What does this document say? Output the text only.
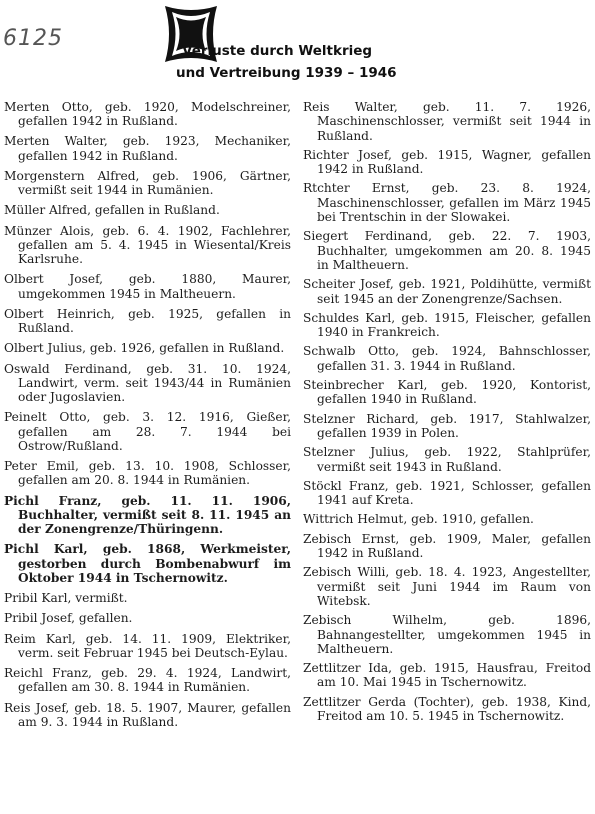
6125	Verluste durch Weltkrieg
und Vertreibung 1939 – 1946
Merten Otto, geb. 1920, Modelschreiner, gefallen 1942 in Rußland.
Merten Walter, geb. 1923, Mechaniker, gefallen 1942 in Rußland.
Morgenstern Alfred, geb. 1906, Gärtner, vermißt seit 1944 in Rumänien.
Müller Alfred, gefallen in Rußland.
Münzer Alois, geb. 6. 4. 1902, Fachlehrer, gefallen am 5. 4. 1945 in Wiesental/Kreis Karlsruhe.
Olbert Josef, geb. 1880, Maurer, umgekommen 1945 in Maltheuern.
Olbert Heinrich, geb. 1925, gefallen in Rußland.
Olbert Julius, geb. 1926, gefallen in Rußland.
Oswald Ferdinand, geb. 31. 10. 1924, Landwirt, verm. seit 1943/44 in Rumänien oder Jugoslavien.
Peinelt Otto, geb. 3. 12. 1916, Gießer, gefallen am 28. 7. 1944 bei Ostrow/Rußland.
Peter Emil, geb. 13. 10. 1908, Schlosser, gefallen am 20. 8. 1944 in Rumänien.
Pichl Franz, geb. 11. 11. 1906, Buchhalter, vermißt seit 8. 11. 1945 an der Zonengrenze/Thüringenn.
Pichl Karl, geb. 1868, Werkmeister, gestorben durch Bombenabwurf im Oktober 1944 in Tschernowitz.
Pribil Karl, vermißt.
Pribil Josef, gefallen.
Reim Karl, geb. 14. 11. 1909, Elektriker, verm. seit Februar 1945 bei Deutsch-Eylau.
Reichl Franz, geb. 29. 4. 1924, Landwirt, gefallen am 30. 8. 1944 in Rumänien.
Reis Josef, geb. 18. 5. 1907, Maurer, gefallen am 9. 3. 1944 in Rußland.
Reis Walter, geb. 11. 7. 1926, Maschinenschlosser, vermißt seit 1944 in Rußland.
Richter Josef, geb. 1915, Wagner, gefallen 1942 in Rußland.
Rtchter Ernst, geb. 23. 8. 1924, Maschinenschlosser, gefallen im März 1945 bei Trentschin in der Slowakei.
Siegert Ferdinand, geb. 22. 7. 1903, Buchhalter, umgekommen am 20. 8. 1945 in Maltheuern.
Scheiter Josef, geb. 1921, Poldihütte, vermißt seit 1945 an der Zonengrenze/Sachsen.
Schuldes Karl, geb. 1915, Fleischer, gefallen 1940 in Frankreich.
Schwalb Otto, geb. 1924, Bahnschlosser, gefallen 31. 3. 1944 in Rußland.
Steinbrecher Karl, geb. 1920, Kontorist, gefallen 1940 in Rußland.
Stelzner Richard, geb. 1917, Stahlwalzer, gefallen 1939 in Polen.
Stelzner Julius, geb. 1922, Stahlprüfer, vermißt seit 1943 in Rußland.
Stöckl Franz, geb. 1921, Schlosser, gefallen 1941 auf Kreta.
Wittrich Helmut, geb. 1910, gefallen.
Zebisch Ernst, geb. 1909, Maler, gefallen 1942 in Rußland.
Zebisch Willi, geb. 18. 4. 1923, Angestellter, vermißt seit Juni 1944 im Raum von Witebsk.
Zebisch Wilhelm, geb. 1896, Bahnangestellter, umgekommen 1945 in Maltheuern.
Zettlitzer Ida, geb. 1915, Hausfrau, Freitod am 10. Mai 1945 in Tschernowitz.
Zettlitzer Gerda (Tochter), geb. 1938, Kind, Freitod am 10. 5. 1945 in Tschernowitz.
